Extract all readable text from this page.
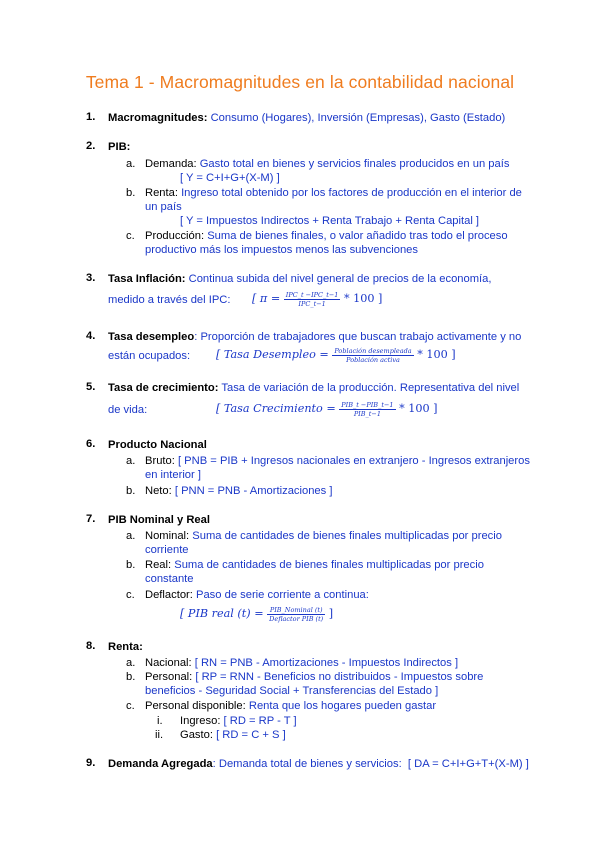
Tema 1 - Macromagnitudes en la contabilidad nacional
1. Macromagnitudes: Consumo (Hogares), Inversión (Empresas), Gasto (Estado)
2. PIB:
a. Demanda: Gasto total en bienes y servicios finales producidos en un país
[ Y = C+I+G+(X-M) ]
b. Renta: Ingreso total obtenido por los factores de producción en el interior de
un país
[ Y = Impuestos Indirectos + Renta Trabajo + Renta Capital ]
c. Producción: Suma de bienes finales, o valor añadido tras todo el proceso
productivo más los impuestos menos las subvenciones
3. Tasa Inflación: Continua subida del nivel general de precios de la economía,
medido a través del IPC: [ $\pi = \frac{\text{IPC\_t −IPC\_t−1}}{\text{IPC\_t−1}} * 100$ ]
4. Tasa desempleo: Proporción de trabajadores que buscan trabajo activamente y no
están ocupados: [ Tasa Desempleo = $\frac{\text{Población desempleada}}{\text{Población activa}} * 100$ ]
5. Tasa de crecimiento: Tasa de variación de la producción. Representativa del nivel
de vida:	[ Tasa Crecimiento = $\frac{\text{PIB\_t −PIB\_t−1}}{\text{PIB\_t−1}} * 100$ ]
6. Producto Nacional
a. Bruto: [ PNB = PIB + Ingresos nacionales en extranjero - Ingresos extranjeros
en interior ]
b. Neto: [ PNN = PNB - Amortizaciones ]
7. PIB Nominal y Real
a. Nominal: Suma de cantidades de bienes finales multiplicadas por precio
corriente
b. Real: Suma de cantidades de bienes finales multiplicadas por precio
constante
c. Deflactor: Paso de serie corriente a continua:
[ PIB real $(t) = \frac{\text{PIB\_Nominal (t)}}{\text{Deflactor PIB (t)}}$ ]
8. Renta:
a. Nacional: [ RN = PNB - Amortizaciones - Impuestos Indirectos ]
b. Personal: [ RP = RNN - Beneficios no distribuidos - Impuestos sobre
beneficios - Seguridad Social + Transferencias del Estado ]
c. Personal disponible: Renta que los hogares pueden gastar
i. Ingreso: [ RD = RP - T ]
ii. Gasto: [ RD = C + S ]
9. Demanda Agregada: Demanda total de bienes y servicios: [ DA = C+I+G+T+(X-M) ]
